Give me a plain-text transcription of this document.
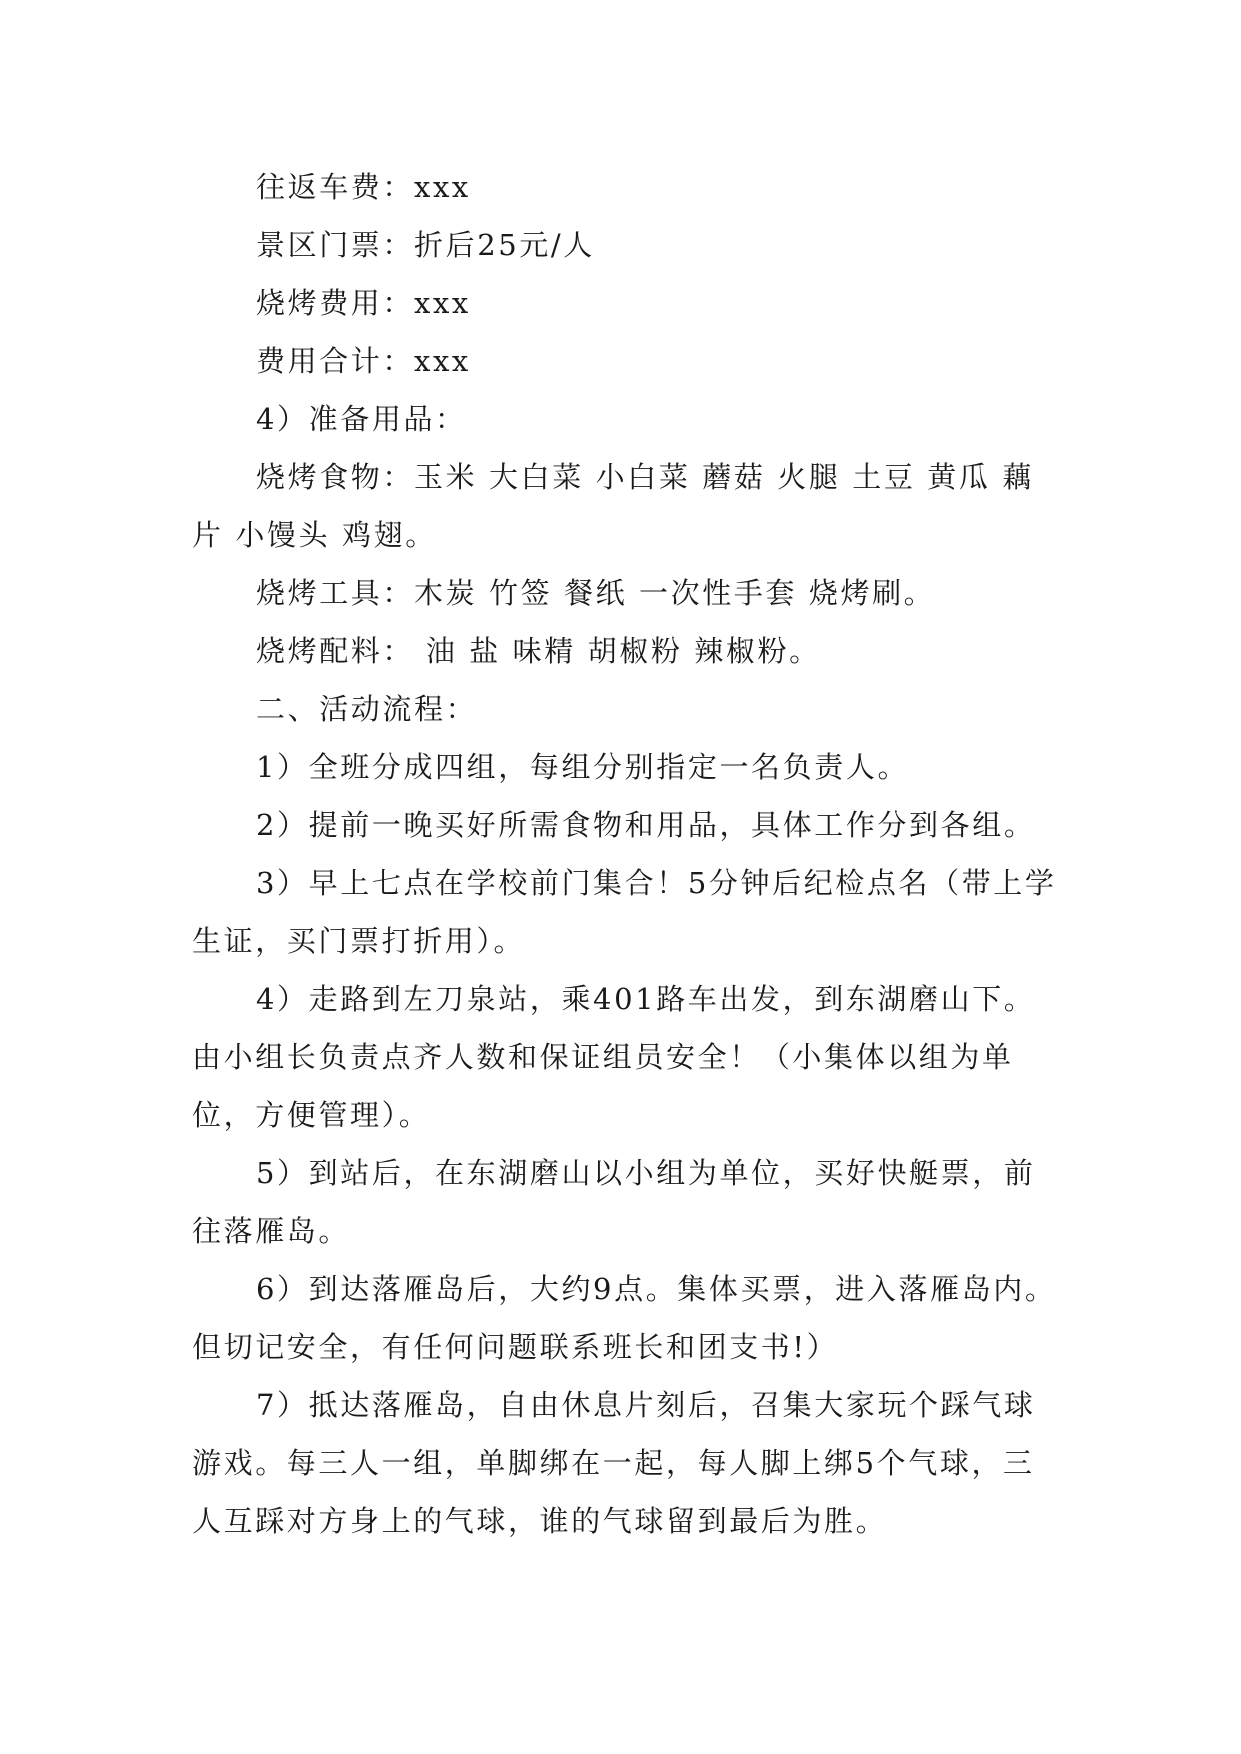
往返车费：xxx

景区门票：折后25元/人

烧烤费用：xxx

费用合计：xxx

4）准备用品：

烧烤食物：玉米 大白菜 小白菜 蘑菇 火腿 土豆 黄瓜 藕片 小馒头 鸡翅。

烧烤工具：木炭 竹签 餐纸 一次性手套 烧烤刷。

烧烤配料： 油 盐 味精 胡椒粉 辣椒粉。

二、活动流程：

1）全班分成四组，每组分别指定一名负责人。

2）提前一晚买好所需食物和用品，具体工作分到各组。

3）早上七点在学校前门集合！5分钟后纪检点名（带上学生证，买门票打折用）。

4）走路到左刀泉站，乘401路车出发，到东湖磨山下。由小组长负责点齐人数和保证组员安全！（小集体以组为单位，方便管理）。

5）到站后，在东湖磨山以小组为单位，买好快艇票，前往落雁岛。

6）到达落雁岛后，大约9点。集体买票，进入落雁岛内。但切记安全，有任何问题联系班长和团支书!）

7）抵达落雁岛，自由休息片刻后，召集大家玩个踩气球游戏。每三人一组，单脚绑在一起，每人脚上绑5个气球，三人互踩对方身上的气球，谁的气球留到最后为胜。
